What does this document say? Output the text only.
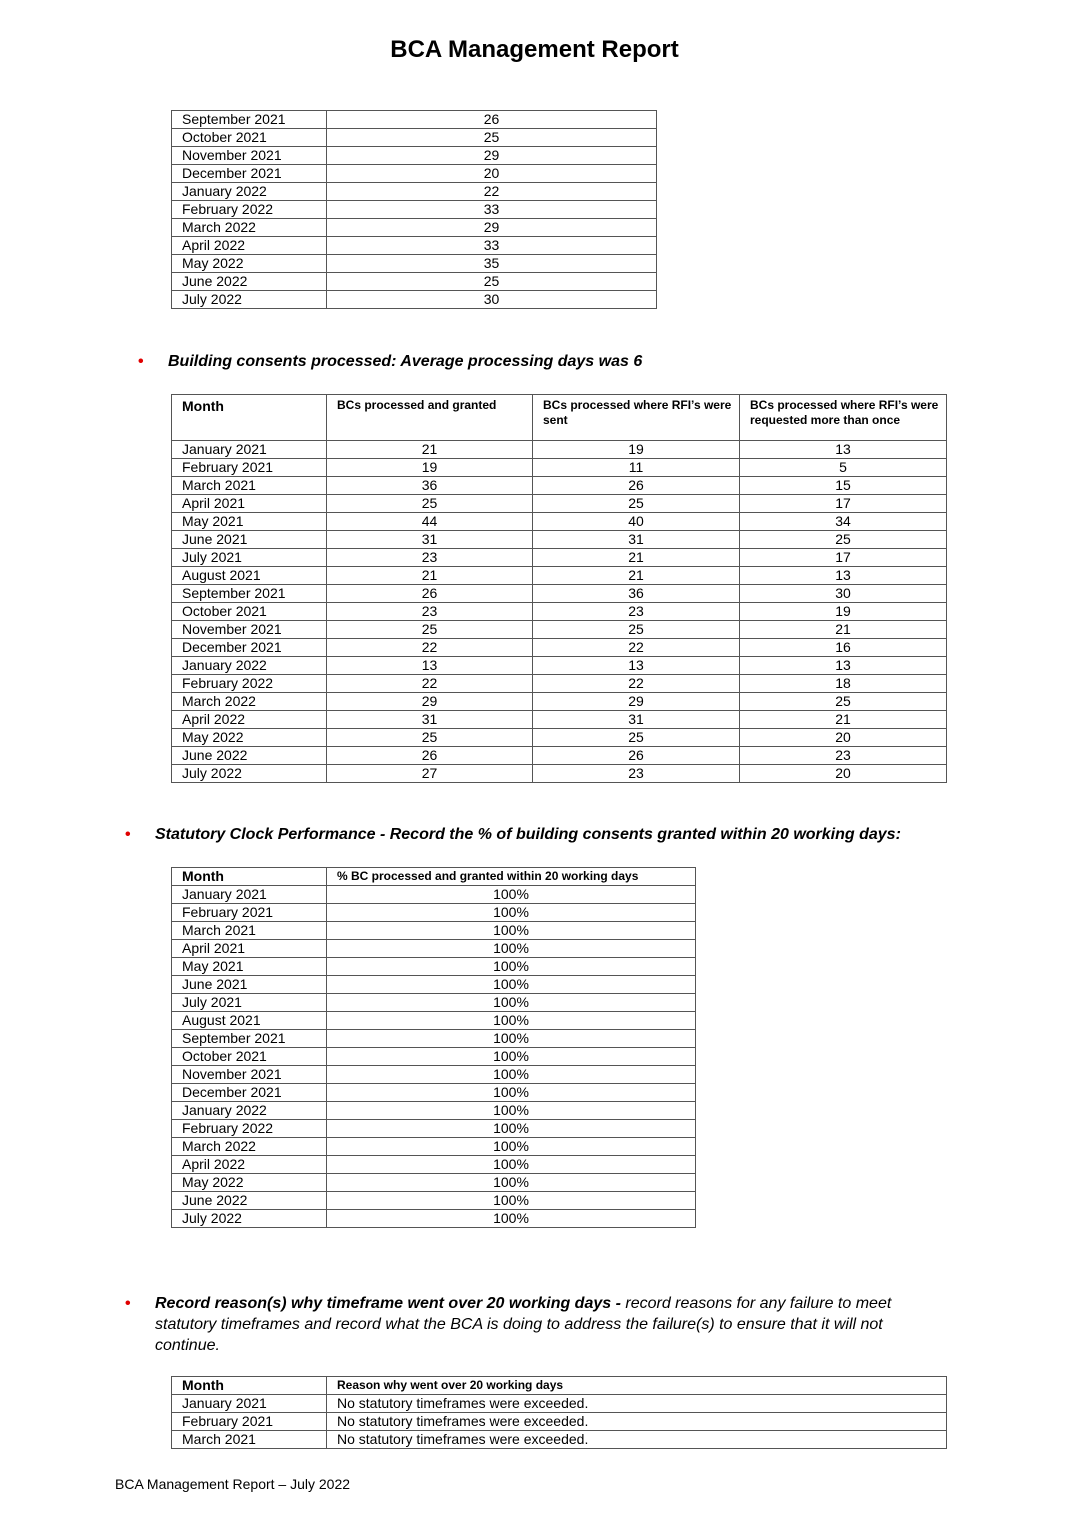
BCA Management Report
September 2021	26
October 2021	25
November 2021	29
December 2021	20
January 2022	22
February 2022	33
March 2022	29
April 2022	33
May 2022	35
June 2022	25
July 2022	30
• Building consents processed: Average processing days was 6
Month	BCs processed and granted	BCs processed where RFI’s were sent	BCs processed where RFI’s were requested more than once
January 2021	21	19	13
February 2021	19	11	5
March 2021	36	26	15
April 2021	25	25	17
May 2021	44	40	34
June 2021	31	31	25
July 2021	23	21	17
August 2021	21	21	13
September 2021	26	36	30
October 2021	23	23	19
November 2021	25	25	21
December 2021	22	22	16
January 2022	13	13	13
February 2022	22	22	18
March 2022	29	29	25
April 2022	31	31	21
May 2022	25	25	20
June 2022	26	26	23
July 2022	27	23	20
• Statutory Clock Performance - Record the % of building consents granted within 20 working days:
Month	% BC processed and granted within 20 working days
January 2021	100%
February 2021	100%
March 2021	100%
April 2021	100%
May 2021	100%
June 2021	100%
July 2021	100%
August 2021	100%
September 2021	100%
October 2021	100%
November 2021	100%
December 2021	100%
January 2022	100%
February 2022	100%
March 2022	100%
April 2022	100%
May 2022	100%
June 2022	100%
July 2022	100%
• Record reason(s) why timeframe went over 20 working days - record reasons for any failure to meet
statutory timeframes and record what the BCA is doing to address the failure(s) to ensure that it will not
continue.
Month	Reason why went over 20 working days
January 2021	No statutory timeframes were exceeded.
February 2021	No statutory timeframes were exceeded.
March 2021	No statutory timeframes were exceeded.
BCA Management Report – July 2022
